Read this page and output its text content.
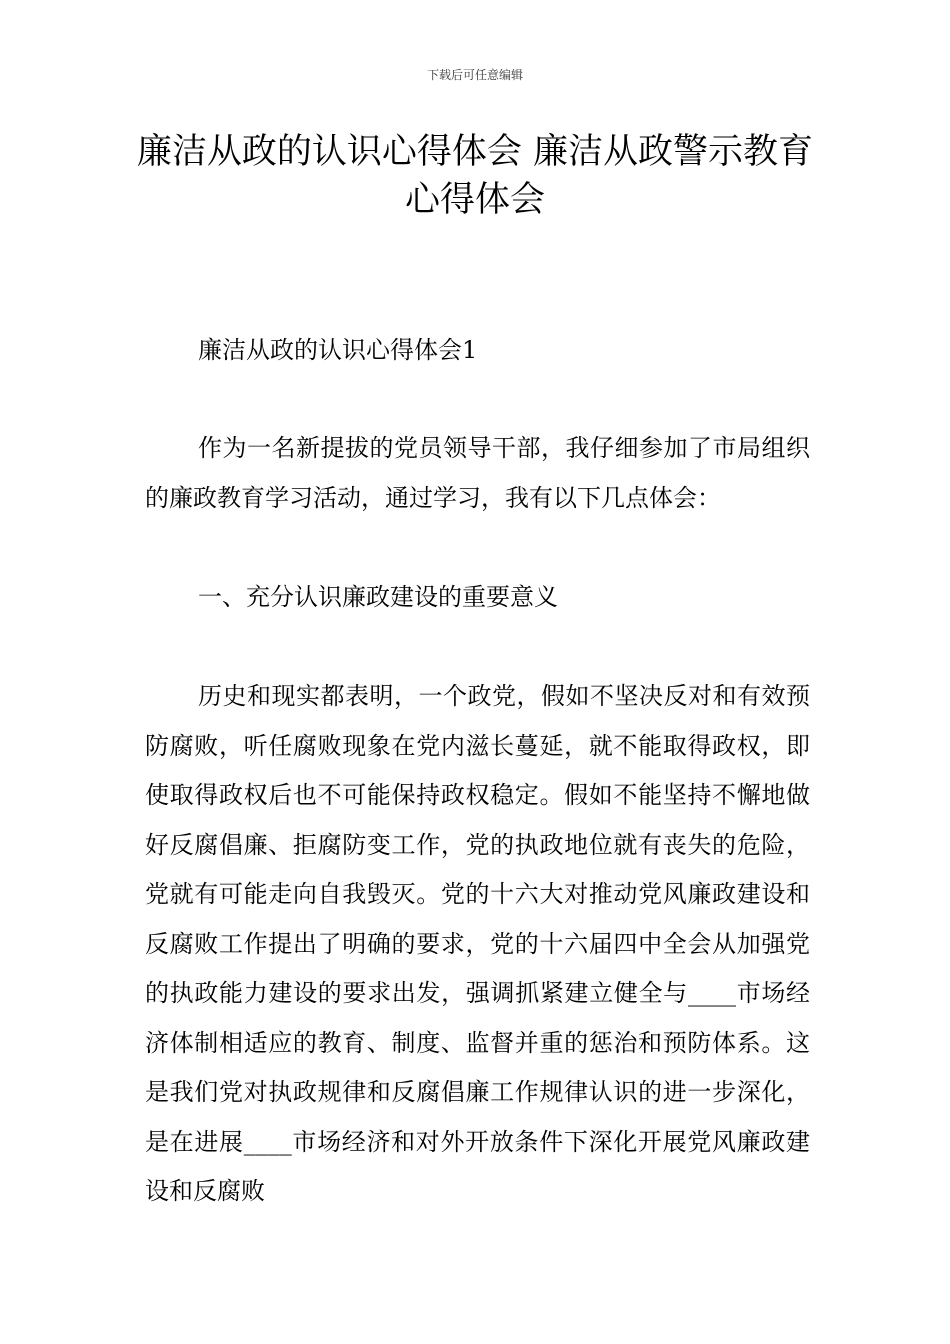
下载后可任意编辑
廉洁从政的认识心得体会 廉洁从政警示教育心得体会

廉洁从政的认识心得体会1

作为一名新提拔的党员领导干部，我仔细参加了市局组织的廉政教育学习活动，通过学习，我有以下几点体会：

一、充分认识廉政建设的重要意义

历史和现实都表明，一个政党，假如不坚决反对和有效预防腐败，听任腐败现象在党内滋长蔓延，就不能取得政权，即使取得政权后也不可能保持政权稳定。假如不能坚持不懈地做好反腐倡廉、拒腐防变工作，党的执政地位就有丧失的危险，党就有可能走向自我毁灭。党的十六大对推动党风廉政建设和反腐败工作提出了明确的要求，党的十六届四中全会从加强党的执政能力建设的要求出发，强调抓紧建立健全与____市场经济体制相适应的教育、制度、监督并重的惩治和预防体系。这是我们党对执政规律和反腐倡廉工作规律认识的进一步深化，是在进展____市场经济和对外开放条件下深化开展党风廉政建设和反腐败
